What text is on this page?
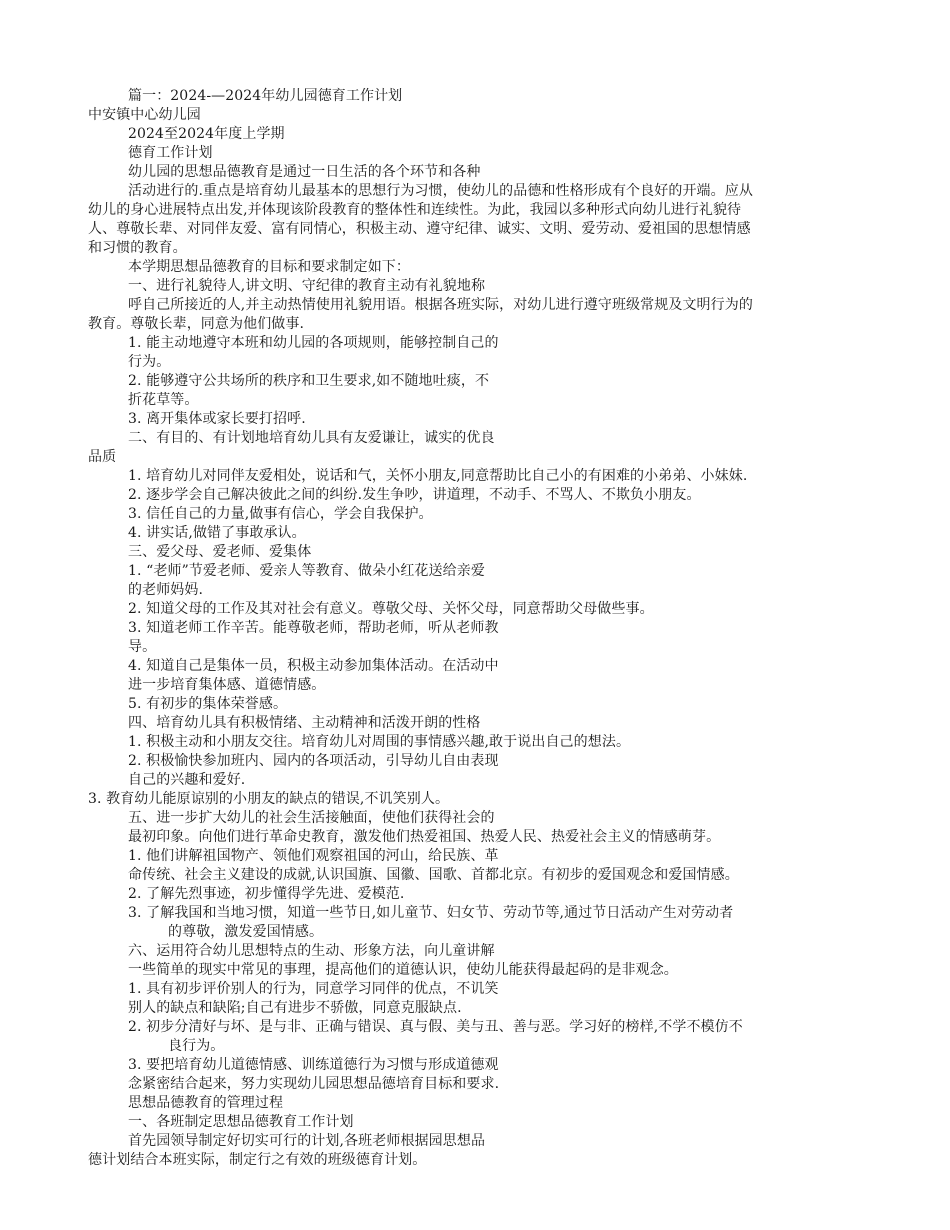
篇一：2024-—2024年幼儿园德育工作计划
中安镇中心幼儿园
2024至2024年度上学期
德育工作计划
幼儿园的思想品德教育是通过一日生活的各个环节和各种
活动进行的.重点是培育幼儿最基本的思想行为习惯，使幼儿的品德和性格形成有个良好的开端。应从
幼儿的身心进展特点出发,并体现该阶段教育的整体性和连续性。为此，我园以多种形式向幼儿进行礼貌待
人、尊敬长辈、对同伴友爱、富有同情心，积极主动、遵守纪律、诚实、文明、爱劳动、爱祖国的思想情感
和习惯的教育。
本学期思想品德教育的目标和要求制定如下：
一、进行礼貌待人,讲文明、守纪律的教育主动有礼貌地称
呼自己所接近的人,并主动热情使用礼貌用语。根据各班实际，对幼儿进行遵守班级常规及文明行为的
教育。尊敬长辈，同意为他们做事.
1. 能主动地遵守本班和幼儿园的各项规则，能够控制自己的
行为。
2. 能够遵守公共场所的秩序和卫生要求,如不随地吐痰，不
折花草等。
3. 离开集体或家长要打招呼.
二、有目的、有计划地培育幼儿具有友爱谦让，诚实的优良
品质
1. 培育幼儿对同伴友爱相处，说话和气，关怀小朋友,同意帮助比自己小的有困难的小弟弟、小妹妹.
2. 逐步学会自己解决彼此之间的纠纷.发生争吵，讲道理，不动手、不骂人、不欺负小朋友。
3. 信任自己的力量,做事有信心，学会自我保护。
4. 讲实话,做错了事敢承认。
三、爱父母、爱老师、爱集体
1. “老师”节爱老师、爱亲人等教育、做朵小红花送给亲爱
的老师妈妈.
2. 知道父母的工作及其对社会有意义。尊敬父母、关怀父母，同意帮助父母做些事。
3. 知道老师工作辛苦。能尊敬老师，帮助老师，听从老师教
导。
4. 知道自己是集体一员，积极主动参加集体活动。在活动中
进一步培育集体感、道德情感。
5. 有初步的集体荣誉感。
四、培育幼儿具有积极情绪、主动精神和活泼开朗的性格
1. 积极主动和小朋友交往。培育幼儿对周围的事情感兴趣,敢于说出自己的想法。
2. 积极愉快参加班内、园内的各项活动，引导幼儿自由表现
自己的兴趣和爱好.
3. 教育幼儿能原谅别的小朋友的缺点的错误,不讥笑别人。
五、进一步扩大幼儿的社会生活接触面，使他们获得社会的
最初印象。向他们进行革命史教育，激发他们热爱祖国、热爱人民、热爱社会主义的情感萌芽。
1. 他们讲解祖国物产、领他们观察祖国的河山，给民族、革
命传统、社会主义建设的成就,认识国旗、国徽、国歌、首都北京。有初步的爱国观念和爱国情感。
2. 了解先烈事迹，初步懂得学先进、爱模范.
3. 了解我国和当地习惯，知道一些节日,如儿童节、妇女节、劳动节等,通过节日活动产生对劳动者
的尊敬，激发爱国情感。
六、运用符合幼儿思想特点的生动、形象方法，向儿童讲解
一些简单的现实中常见的事理，提高他们的道德认识，使幼儿能获得最起码的是非观念。
1. 具有初步评价别人的行为，同意学习同伴的优点，不讥笑
别人的缺点和缺陷;自己有进步不骄傲，同意克服缺点.
2. 初步分清好与坏、是与非、正确与错误、真与假、美与丑、善与恶。学习好的榜样,不学不模仿不
良行为。
3. 要把培育幼儿道德情感、训练道德行为习惯与形成道德观
念紧密结合起来，努力实现幼儿园思想品德培育目标和要求.
思想品德教育的管理过程
一、各班制定思想品德教育工作计划
首先园领导制定好切实可行的计划,各班老师根据园思想品
德计划结合本班实际，制定行之有效的班级德育计划。
